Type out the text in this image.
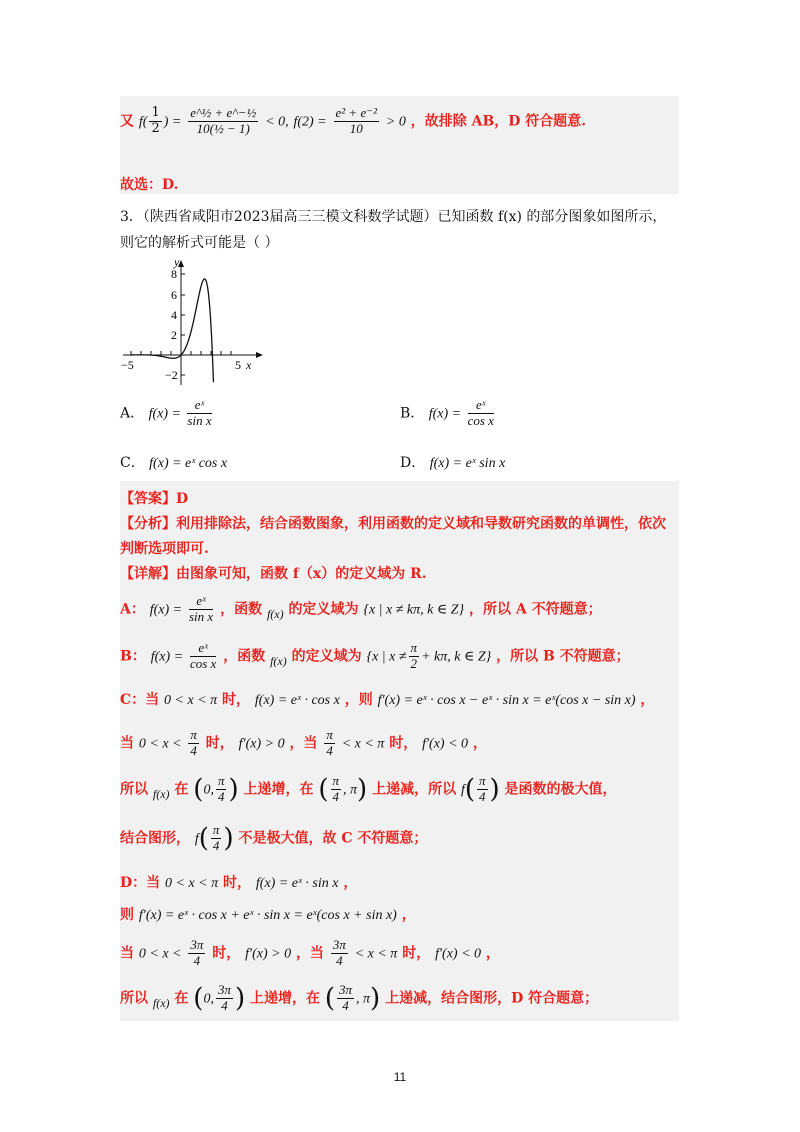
又 $f( \frac{1}{2}$ ) = $\frac{\text{e\textasciicircum{}½ + e\textasciicircum{}−½}}{\text{10(½ − 1)}} < 0$, $f(2) = \frac{\text{e² + e⁻²}}{10} > 0$ ，故排除 AB，D 符合题意.
故选：D.
3．（陕西省咸阳市2023届高三三模文科数学试题）已知函数 f(x) 的部分图象如图所示，
则它的解析式可能是（ ）
y
x
8
6
4
2
−2
−5	5
A． $f(x) = \frac{\text{eˣ}}{\text{sin x}}$	B． $f(x) = \frac{\text{eˣ}}{\text{cos x}}$
C． f(x) = eˣ cos x	D． f(x) = eˣ sin x
【答案】D
【分析】利用排除法，结合函数图象，利用函数的定义域和导数研究函数的单调性，依次
判断选项即可.
【详解】由图象可知，函数 f（x）的定义域为 R.
A： $f(x) = \frac{\text{eˣ}}{\text{sin x}}$ ，函数 f(x) 的定义域为 {x | x ≠ kπ, k ∈ Z} ，所以 A 不符题意；
B： $f(x) = \frac{\text{eˣ}}{\text{cos x}}$ ，函数 f(x) 的定义域为 {x | $x \ne \frac{\pi}{2} + k\pi$, k ∈ Z} ，所以 B 不符题意；
C：当 0 < x < π 时， f(x) = eˣ · cos x ，则 f′(x) = eˣ · cos x − eˣ · sin x = eˣ(cos x − sin x) ，
当 $0 < x < \frac{\pi}{4}$ 时， f′(x) > 0 ，当 $\frac{\pi}{4} < x < \pi$ 时， f′(x) < 0 ，
所以 f(x) 在 (0, $\frac{\pi}{4}$ ) 上递增，在 ( $\frac{\pi}{4}$ , π) 上递减，所以 $f( \frac{\pi}{4}$ ) 是函数的极大值，
结合图形， $f( \frac{\pi}{4}$ ) 不是极大值，故 C 不符题意；
D：当 0 < x < π 时， f(x) = eˣ · sin x ，
则 f′(x) = eˣ · cos x + eˣ · sin x = eˣ(cos x + sin x) ，
当 $0 < x < \frac{3\pi}{4}$ 时， f′(x) > 0 ，当 $\frac{3\pi}{4} < x < \pi$ 时， f′(x) < 0 ，
所以 f(x) 在 (0, $\frac{3\pi}{4}$ ) 上递增，在 ( $\frac{3\pi}{4}$ , π) 上递减，结合图形，D 符合题意；
11
